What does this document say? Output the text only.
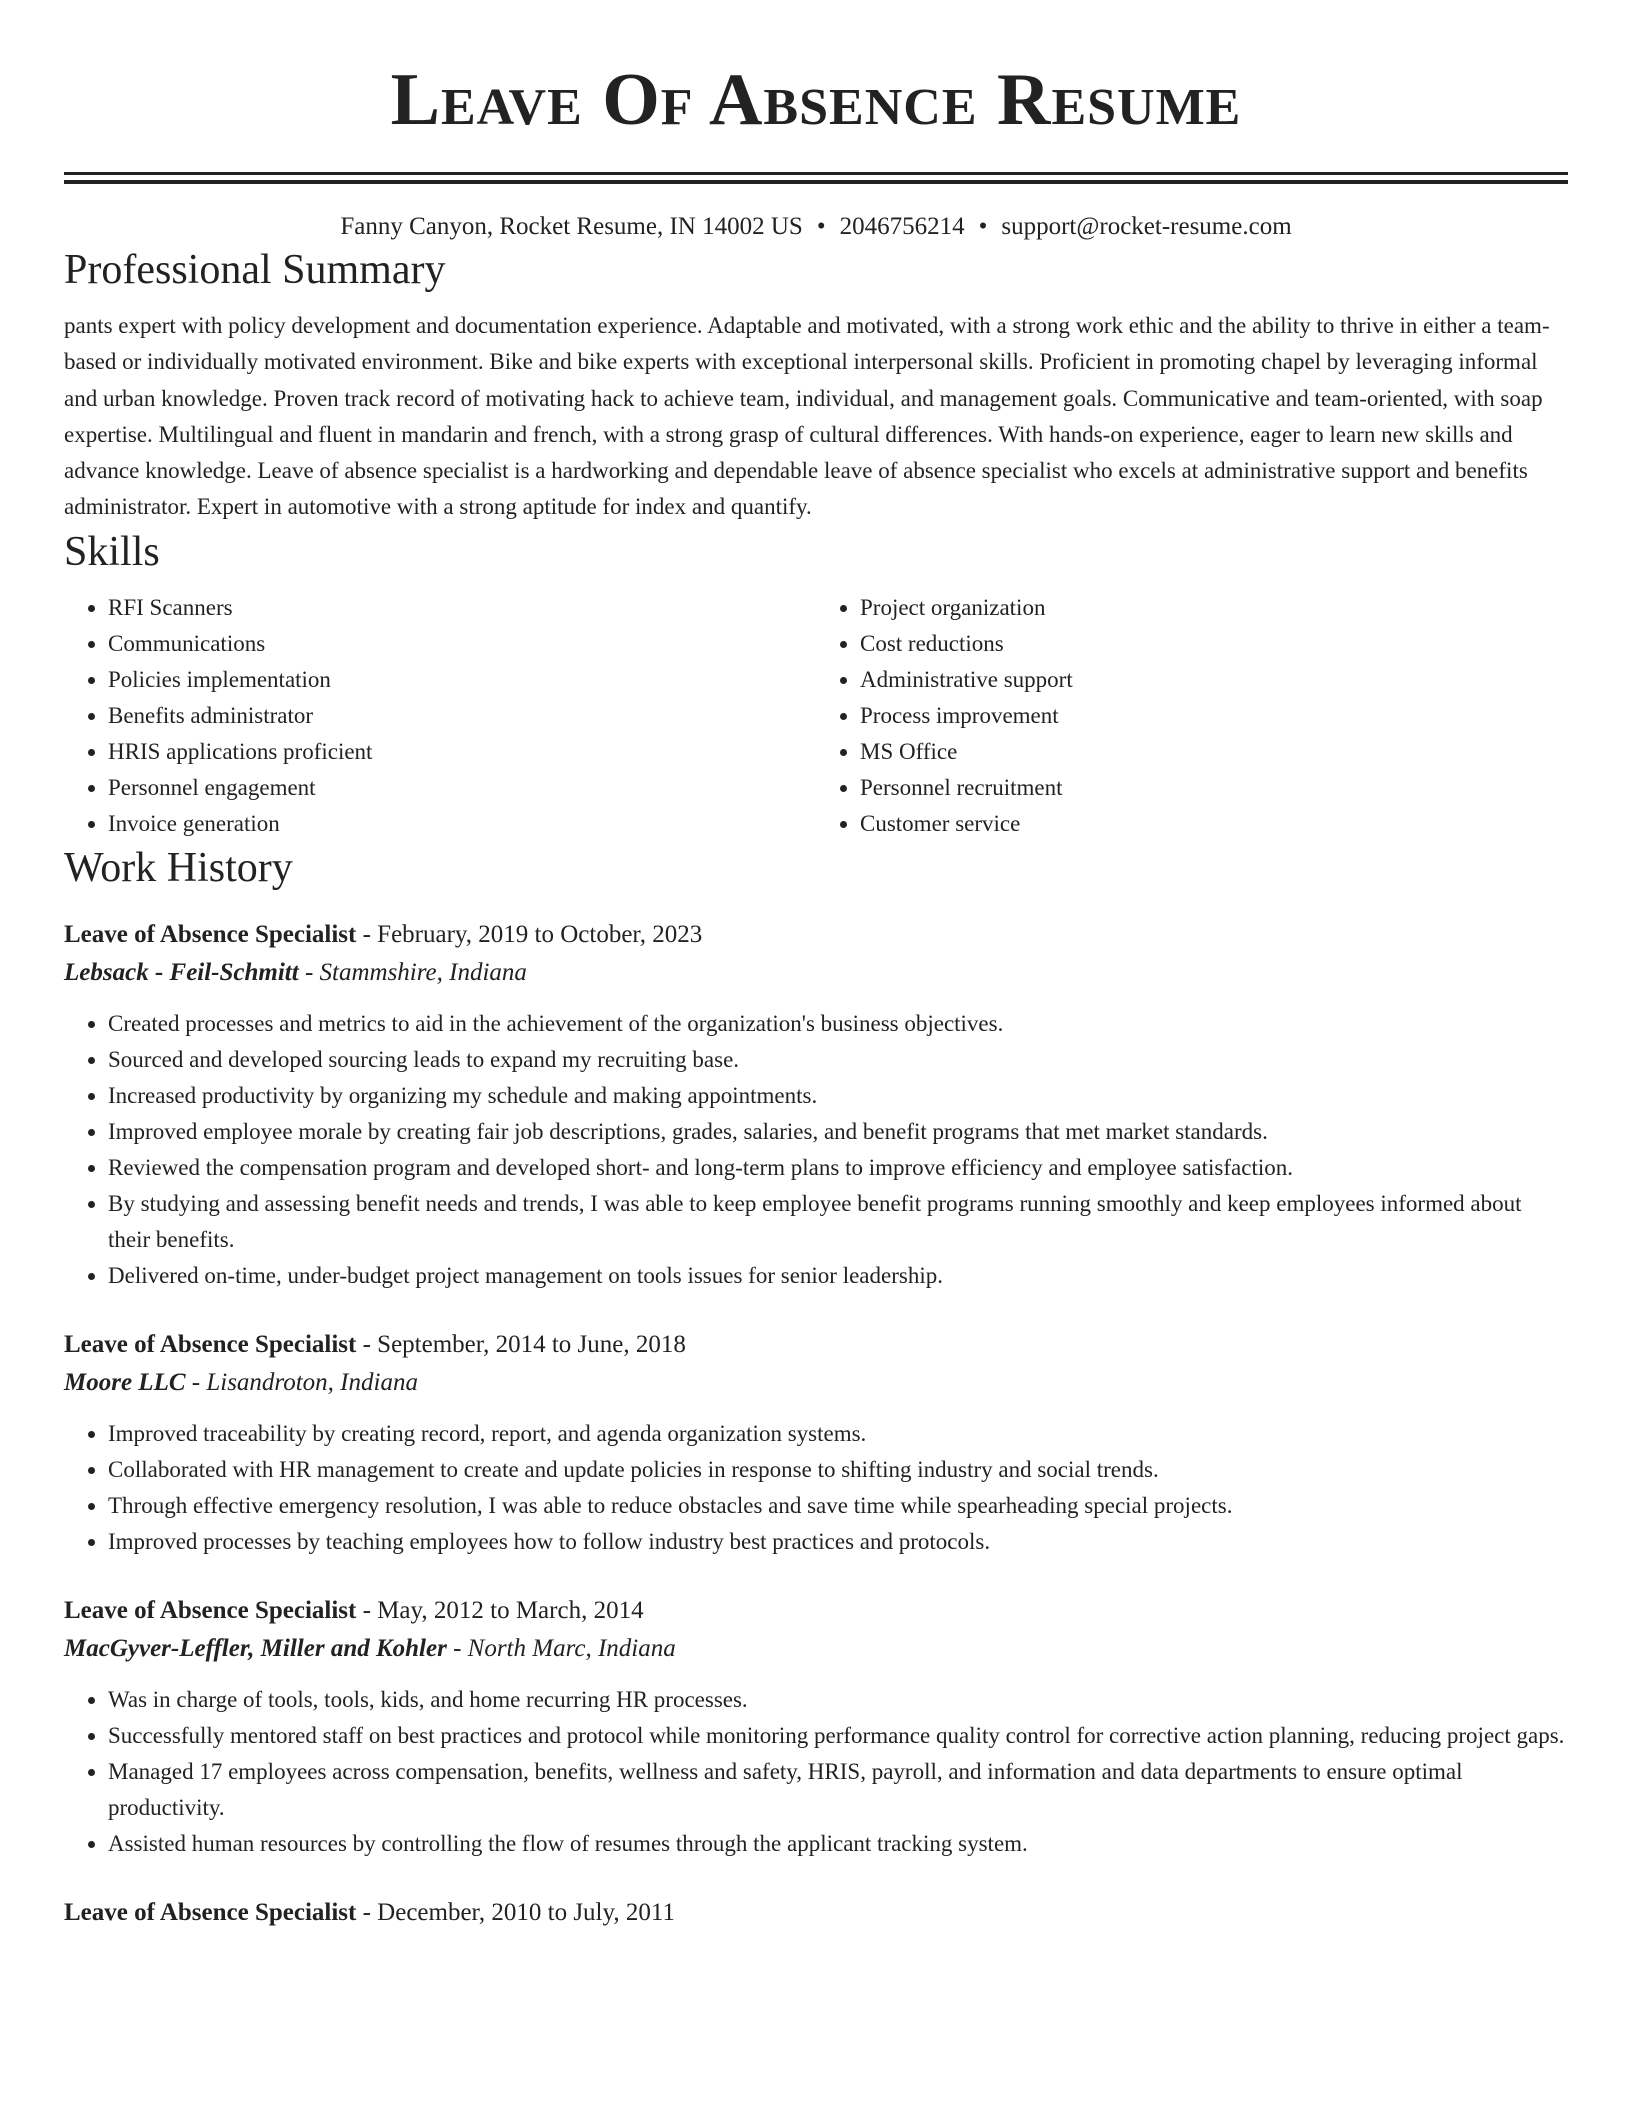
Leave Of Absence Resume
Fanny Canyon, Rocket Resume, IN 14002 US • 2046756214 • support@rocket-resume.com
Professional Summary
pants expert with policy development and documentation experience. Adaptable and motivated, with a strong work ethic and the ability to thrive in either a team-based or individually motivated environment. Bike and bike experts with exceptional interpersonal skills. Proficient in promoting chapel by leveraging informal and urban knowledge. Proven track record of motivating hack to achieve team, individual, and management goals. Communicative and team-oriented, with soap expertise. Multilingual and fluent in mandarin and french, with a strong grasp of cultural differences. With hands-on experience, eager to learn new skills and advance knowledge. Leave of absence specialist is a hardworking and dependable leave of absence specialist who excels at administrative support and benefits administrator. Expert in automotive with a strong aptitude for index and quantify.
Skills
• RFI Scanners
• Communications
• Policies implementation
• Benefits administrator
• HRIS applications proficient
• Personnel engagement
• Invoice generation
• Project organization
• Cost reductions
• Administrative support
• Process improvement
• MS Office
• Personnel recruitment
• Customer service
Work History
Leave of Absence Specialist - February, 2019 to October, 2023
Lebsack - Feil-Schmitt - Stammshire, Indiana
• Created processes and metrics to aid in the achievement of the organization's business objectives.
• Sourced and developed sourcing leads to expand my recruiting base.
• Increased productivity by organizing my schedule and making appointments.
• Improved employee morale by creating fair job descriptions, grades, salaries, and benefit programs that met market standards.
• Reviewed the compensation program and developed short- and long-term plans to improve efficiency and employee satisfaction.
• By studying and assessing benefit needs and trends, I was able to keep employee benefit programs running smoothly and keep employees informed about their benefits.
• Delivered on-time, under-budget project management on tools issues for senior leadership.
Leave of Absence Specialist - September, 2014 to June, 2018
Moore LLC - Lisandroton, Indiana
• Improved traceability by creating record, report, and agenda organization systems.
• Collaborated with HR management to create and update policies in response to shifting industry and social trends.
• Through effective emergency resolution, I was able to reduce obstacles and save time while spearheading special projects.
• Improved processes by teaching employees how to follow industry best practices and protocols.
Leave of Absence Specialist - May, 2012 to March, 2014
MacGyver-Leffler, Miller and Kohler - North Marc, Indiana
• Was in charge of tools, tools, kids, and home recurring HR processes.
• Successfully mentored staff on best practices and protocol while monitoring performance quality control for corrective action planning, reducing project gaps.
• Managed 17 employees across compensation, benefits, wellness and safety, HRIS, payroll, and information and data departments to ensure optimal productivity.
• Assisted human resources by controlling the flow of resumes through the applicant tracking system.
Leave of Absence Specialist - December, 2010 to July, 2011
